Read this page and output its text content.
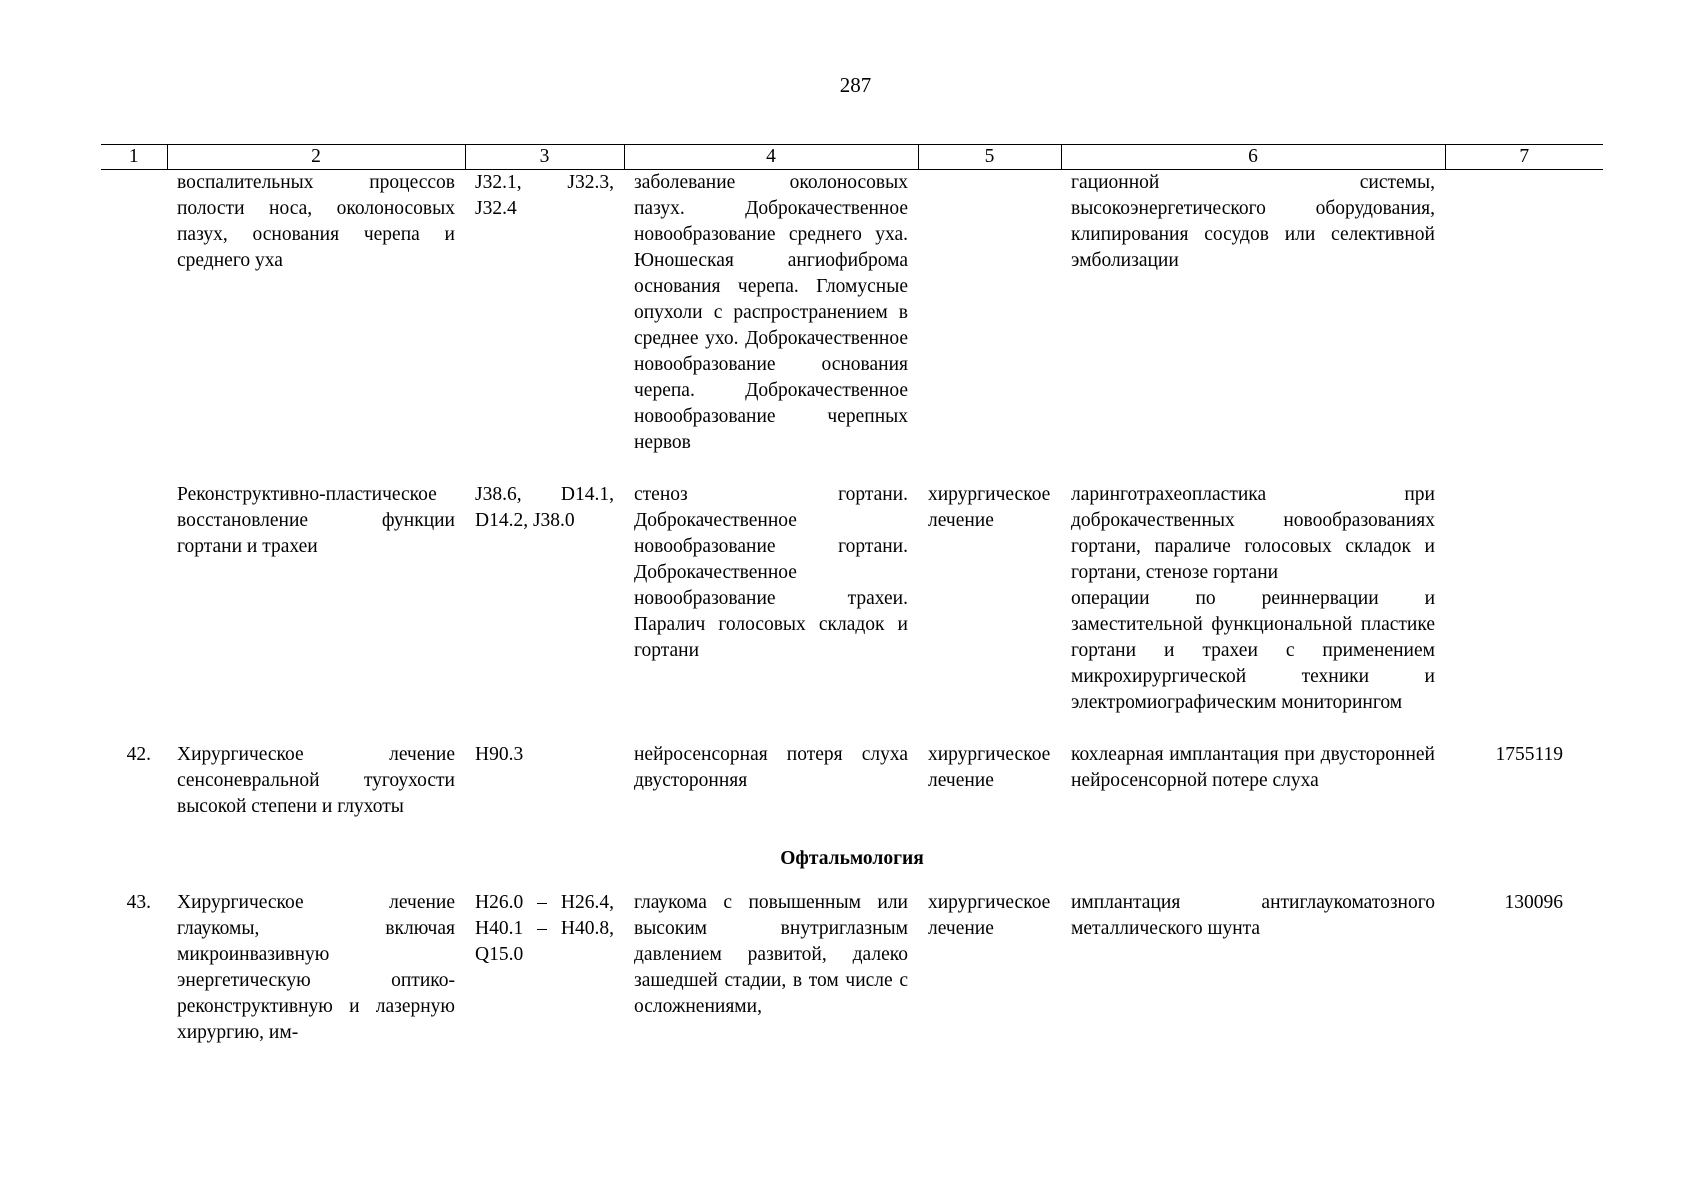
287
1	2	3	4	5	6	7
	воспалительных процессов полости носа, околоносовых пазух, основания черепа и среднего уха	J32.1, J32.3, J32.4	заболевание околоносовых пазух. Доброкачественное новообразование среднего уха. Юношеская ангиофиброма основания черепа. Гломусные опухоли с распространением в среднее ухо. Доброкачественное новообразование основания черепа. Доброкачественное новообразование черепных нервов		гационной системы, высокоэнергетического оборудования, клипирования сосудов или селективной эмболизации	

	Реконструктивно-пластическое восстановление функции гортани и трахеи	J38.6, D14.1, D14.2, J38.0	стеноз гортани. Доброкачественное новообразование гортани. Доброкачественное новообразование трахеи. Паралич голосовых складок и гортани	хирургическое лечение	ларинготрахеопластика при доброкачественных новообразованиях гортани, параличе голосовых складок и гортани, стенозе гортани
операции по реиннервации и заместительной функциональной пластике гортани и трахеи с применением микрохирургической техники и электромиографическим мониторингом	

42.	Хирургическое лечение сенсоневральной тугоухости высокой степени и глухоты	H90.3	нейросенсорная потеря слуха двусторонняя	хирургическое лечение	кохлеарная имплантация при двусторонней нейросенсорной потере слуха	1755119
Офтальмология						
43.	Хирургическое лечение глаукомы, включая микроинвазивную энергетическую оптико-реконструктивную и лазерную хирургию, им-	H26.0 – H26.4, H40.1 – H40.8, Q15.0	глаукома с повышенным или высоким внутриглазным давлением развитой, далеко зашедшей стадии, в том числе с осложнениями,	хирургическое лечение	имплантация антиглаукоматозного металлического шунта	130096
